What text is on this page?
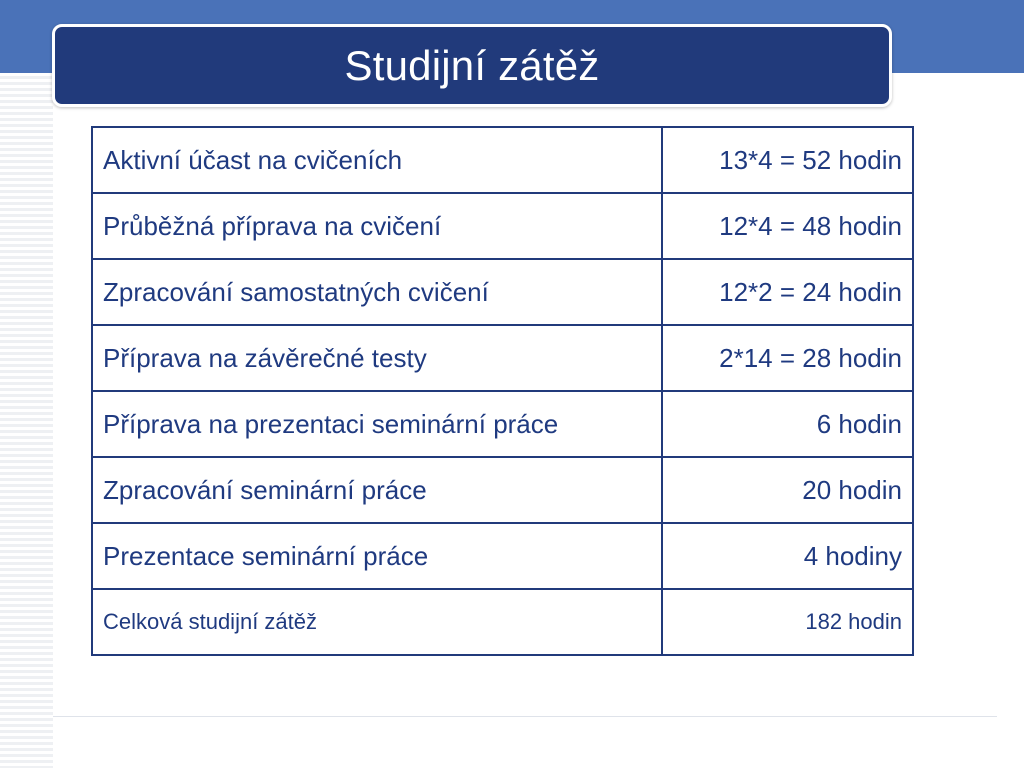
Studijní zátěž
Aktivní účast na cvičeních	13*4 = 52 hodin
Průběžná příprava na cvičení	12*4 = 48 hodin
Zpracování samostatných cvičení	12*2 = 24 hodin
Příprava na závěrečné testy	2*14 = 28 hodin
Příprava na prezentaci seminární práce	6 hodin
Zpracování seminární práce	20 hodin
Prezentace seminární práce	4 hodiny
Celková studijní zátěž	182 hodin
